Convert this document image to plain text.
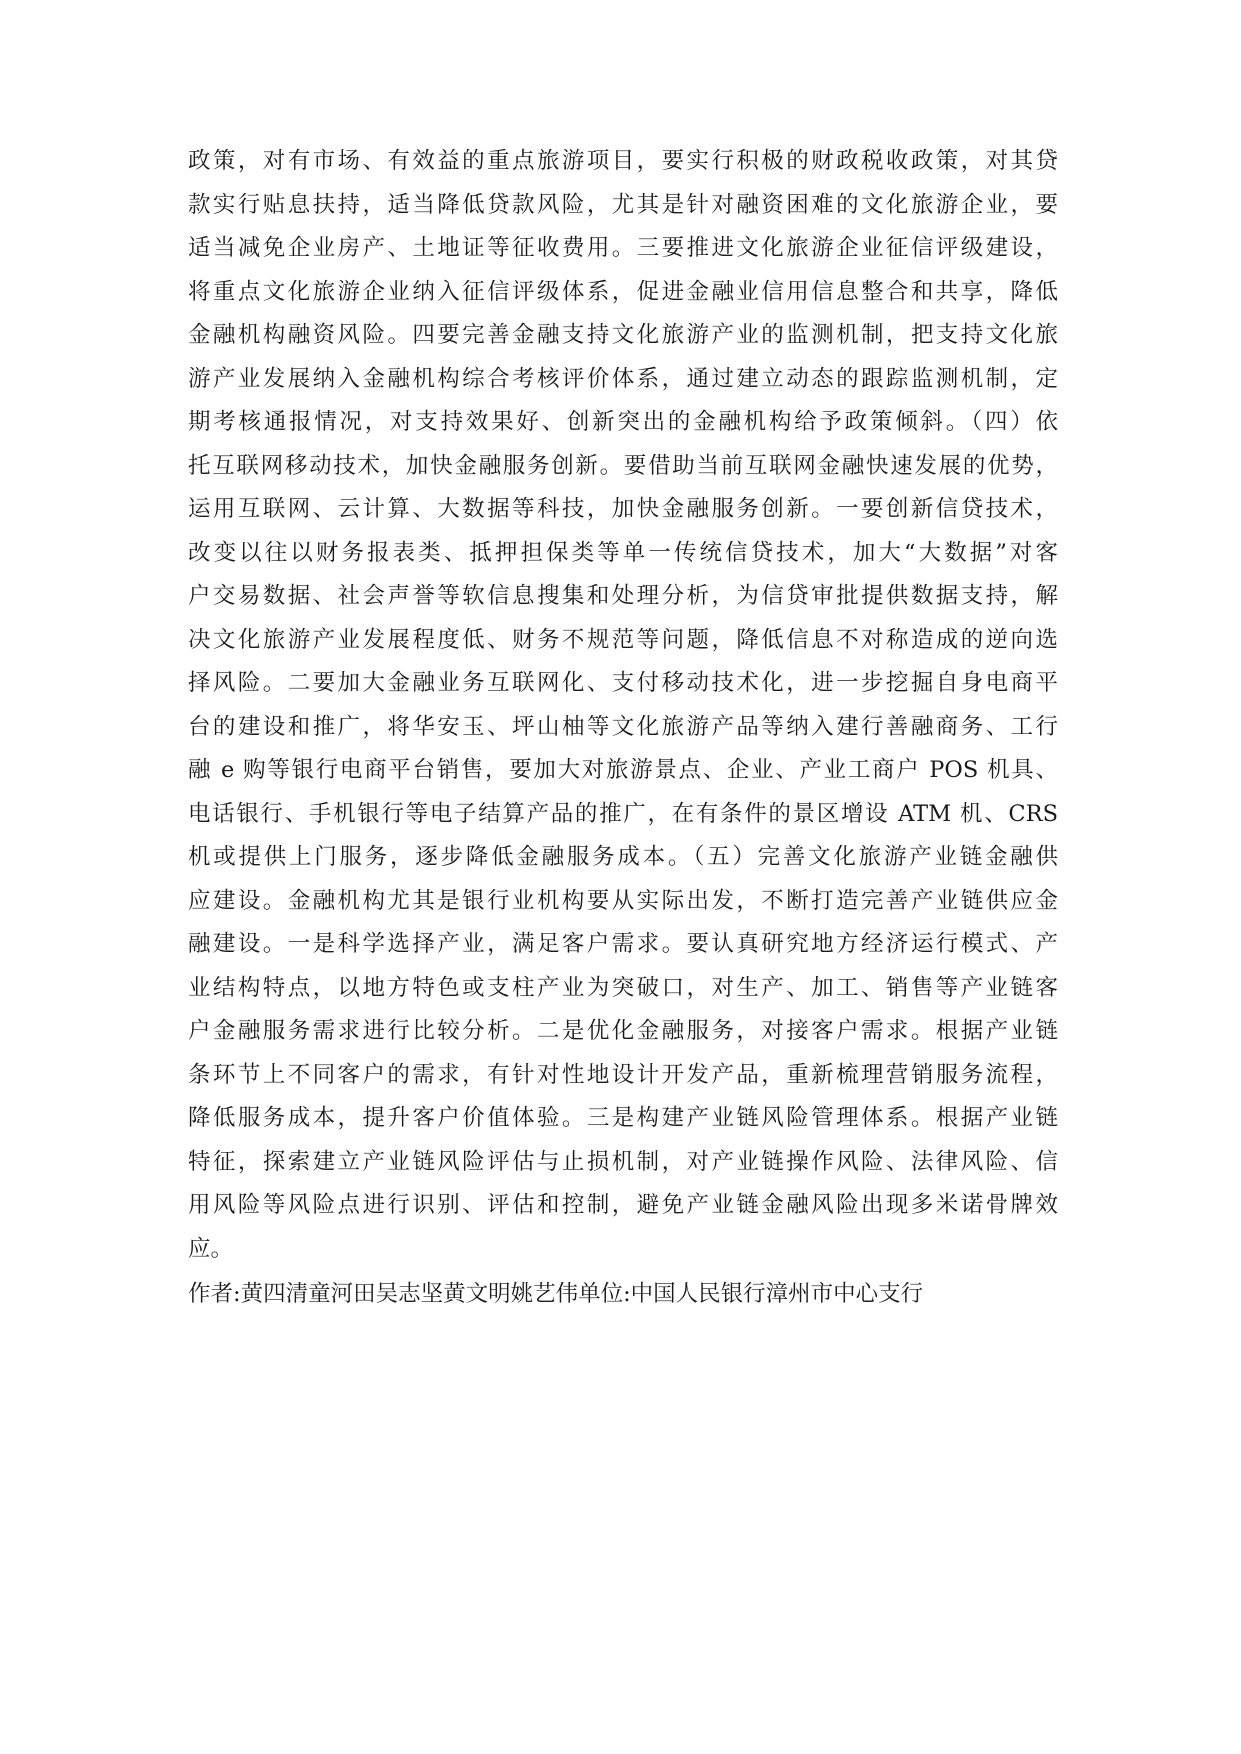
政策，对有市场、有效益的重点旅游项目，要实行积极的财政税收政策，对其贷
款实行贴息扶持，适当降低贷款风险，尤其是针对融资困难的文化旅游企业，要
适当减免企业房产、土地证等征收费用。三要推进文化旅游企业征信评级建设，
将重点文化旅游企业纳入征信评级体系，促进金融业信用信息整合和共享，降低
金融机构融资风险。四要完善金融支持文化旅游产业的监测机制，把支持文化旅
游产业发展纳入金融机构综合考核评价体系，通过建立动态的跟踪监测机制，定
期考核通报情况，对支持效果好、创新突出的金融机构给予政策倾斜。（四）依
托互联网移动技术，加快金融服务创新。要借助当前互联网金融快速发展的优势，
运用互联网、云计算、大数据等科技，加快金融服务创新。一要创新信贷技术，
改变以往以财务报表类、抵押担保类等单一传统信贷技术，加大“大数据”对客
户交易数据、社会声誉等软信息搜集和处理分析，为信贷审批提供数据支持，解
决文化旅游产业发展程度低、财务不规范等问题，降低信息不对称造成的逆向选
择风险。二要加大金融业务互联网化、支付移动技术化，进一步挖掘自身电商平
台的建设和推广，将华安玉、坪山柚等文化旅游产品等纳入建行善融商务、工行
融 e 购等银行电商平台销售，要加大对旅游景点、企业、产业工商户 POS 机具、
电话银行、手机银行等电子结算产品的推广，在有条件的景区增设 ATM 机、CRS
机或提供上门服务，逐步降低金融服务成本。（五）完善文化旅游产业链金融供
应建设。金融机构尤其是银行业机构要从实际出发，不断打造完善产业链供应金
融建设。一是科学选择产业，满足客户需求。要认真研究地方经济运行模式、产
业结构特点，以地方特色或支柱产业为突破口，对生产、加工、销售等产业链客
户金融服务需求进行比较分析。二是优化金融服务，对接客户需求。根据产业链
条环节上不同客户的需求，有针对性地设计开发产品，重新梳理营销服务流程，
降低服务成本，提升客户价值体验。三是构建产业链风险管理体系。根据产业链
特征，探索建立产业链风险评估与止损机制，对产业链操作风险、法律风险、信
用风险等风险点进行识别、评估和控制，避免产业链金融风险出现多米诺骨牌效
应。
作者:黄四清童河田吴志坚黄文明姚艺伟单位:中国人民银行漳州市中心支行
